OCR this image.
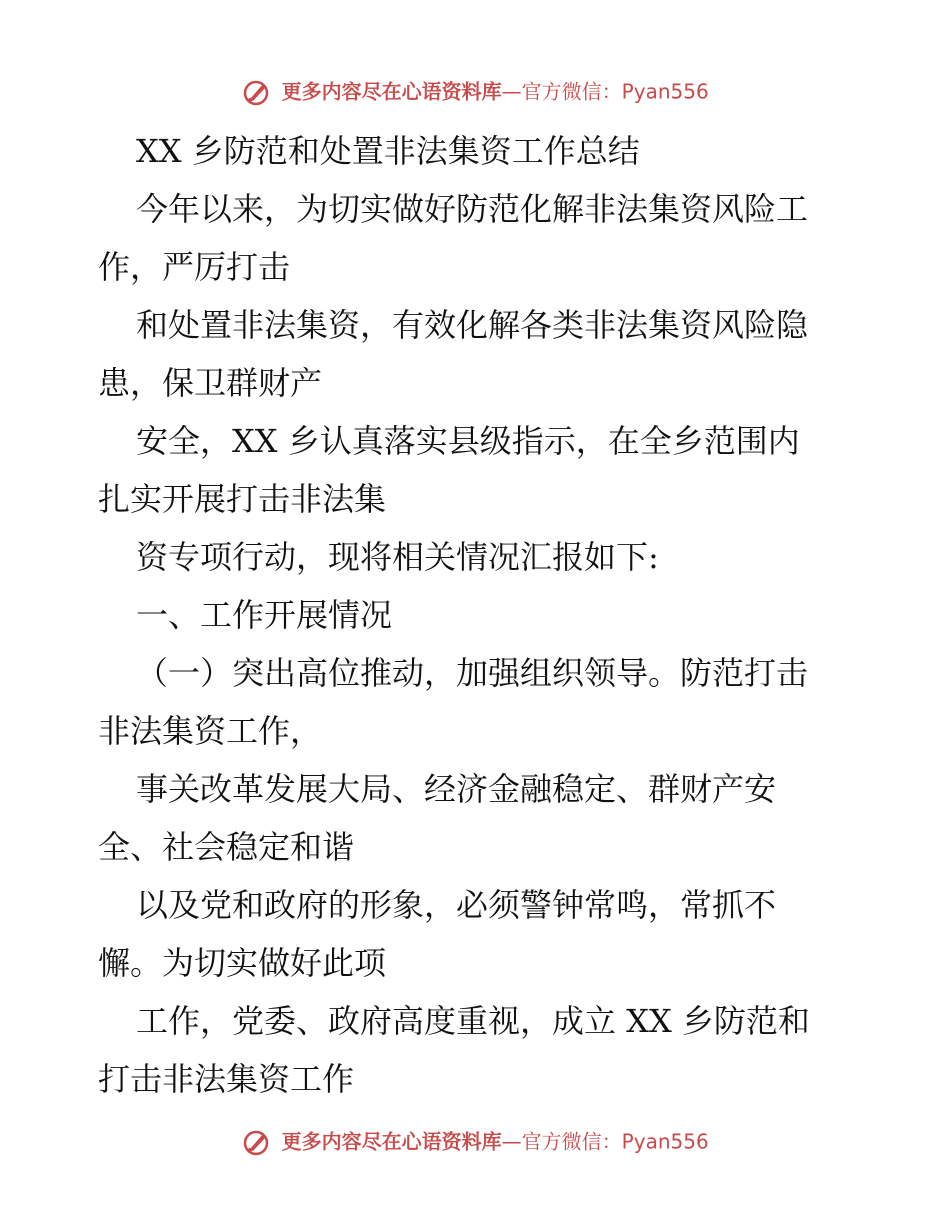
更多内容尽在心语资料库—官方微信：Pyan556
XX 乡防范和处置非法集资工作总结
今年以来，为切实做好防范化解非法集资风险工
作，严厉打击
和处置非法集资，有效化解各类非法集资风险隐
患，保卫群财产
安全，XX 乡认真落实县级指示，在全乡范围内
扎实开展打击非法集
资专项行动，现将相关情况汇报如下:
一、工作开展情况
（一）突出高位推动，加强组织领导。防范打击
非法集资工作，
事关改革发展大局、经济金融稳定、群财产安
全、社会稳定和谐
以及党和政府的形象，必须警钟常鸣，常抓不
懈。为切实做好此项
工作，党委、政府高度重视，成立 XX 乡防范和
打击非法集资工作
更多内容尽在心语资料库—官方微信：Pyan556
